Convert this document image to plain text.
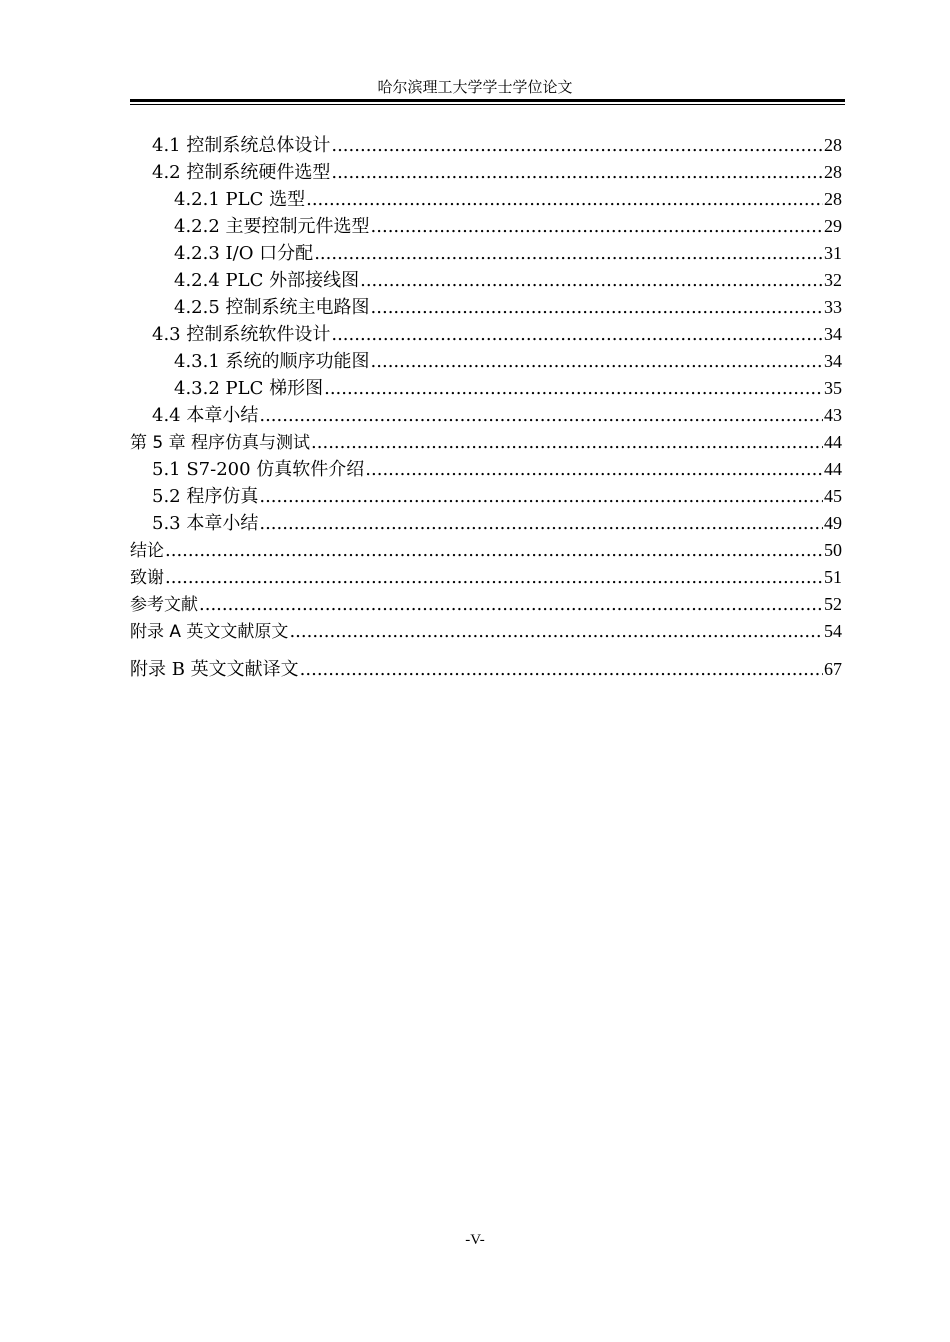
哈尔滨理工大学学士学位论文
4.1 控制系统总体设计 .....	28
4.2 控制系统硬件选型 .....	28
4.2.1 PLC 选型 .....	28
4.2.2 主要控制元件选型 .....	29
4.2.3 I/O 口分配 .....	31
4.2.4 PLC 外部接线图 .....	32
4.2.5 控制系统主电路图 .....	33
4.3 控制系统软件设计 .....	34
4.3.1 系统的顺序功能图 .....	34
4.3.2 PLC 梯形图 .....	35
4.4 本章小结 .....	43
第 5 章 程序仿真与测试 .....	44
5.1 S7-200 仿真软件介绍 .....	44
5.2 程序仿真 .....	45
5.3 本章小结 .....	49
结论 .....	50
致谢 .....	51
参考文献 .....	52
附录 A 英文文献原文 .....	54
附录 B 英文文献译文 .....	67
-V-
